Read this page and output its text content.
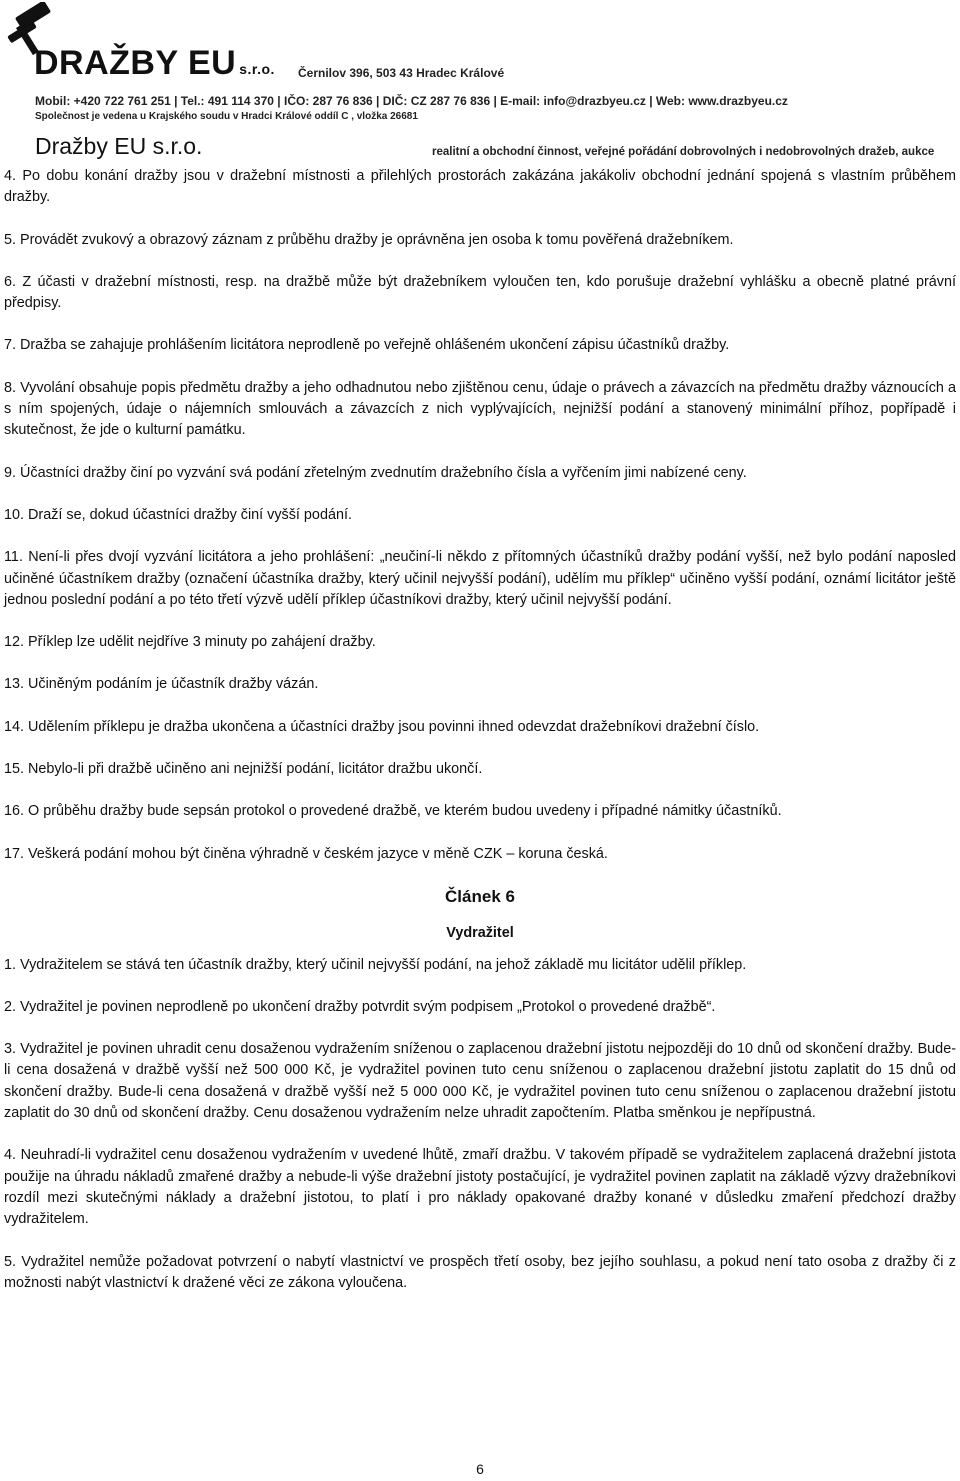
DRAŽBY EU s.r.o. Černilov 396, 503 43 Hradec Králové
Mobil: +420 722 761 251 | Tel.: 491 114 370 | IČO: 287 76 836 | DIČ: CZ 287 76 836 | E-mail: info@drazbyeu.cz | Web: www.drazbyeu.cz
Společnost je vedena u Krajského soudu v Hradci Králové oddíl C , vložka 26681
Dražby EU s.r.o.	realitní a obchodní činnost, veřejné pořádání dobrovolných i nedobrovolných dražeb, aukce

4. Po dobu konání dražby jsou v dražební místnosti a přilehlých prostorách zakázána jakákoliv obchodní jednání spojená s vlastním průběhem dražby.

5. Provádět zvukový a obrazový záznam z průběhu dražby je oprávněna jen osoba k tomu pověřená dražebníkem.

6. Z účasti v dražební místnosti, resp. na dražbě může být dražebníkem vyloučen ten, kdo porušuje dražební vyhlášku a obecně platné právní předpisy.

7. Dražba se zahajuje prohlášením licitátora neprodleně po veřejně ohlášeném ukončení zápisu účastníků dražby.

8. Vyvolání obsahuje popis předmětu dražby a jeho odhadnutou nebo zjištěnou cenu, údaje o právech a závazcích na předmětu dražby váznoucích a s ním spojených, údaje o nájemních smlouvách a závazcích z nich vyplývajících, nejnižší podání a stanovený minimální příhoz, popřípadě i skutečnost, že jde o kulturní památku.

9. Účastníci dražby činí po vyzvání svá podání zřetelným zvednutím dražebního čísla a vyřčením jimi nabízené ceny.

10. Draží se, dokud účastníci dražby činí vyšší podání.

11. Není-li přes dvojí vyzvání licitátora a jeho prohlášení: „neučiní-li někdo z přítomných účastníků dražby podání vyšší, než bylo podání naposled učiněné účastníkem dražby (označení účastníka dražby, který učinil nejvyšší podání), udělím mu příklep“ učiněno vyšší podání, oznámí licitátor ještě jednou poslední podání a po této třetí výzvě udělí příklep účastníkovi dražby, který učinil nejvyšší podání.

12. Příklep lze udělit nejdříve 3 minuty po zahájení dražby.

13. Učiněným podáním je účastník dražby vázán.

14. Udělením příklepu je dražba ukončena a účastníci dražby jsou povinni ihned odevzdat dražebníkovi dražební číslo.

15. Nebylo-li při dražbě učiněno ani nejnižší podání, licitátor dražbu ukončí.

16. O průběhu dražby bude sepsán protokol o provedené dražbě, ve kterém budou uvedeny i případné námitky účastníků.

17. Veškerá podání mohou být činěna výhradně v českém jazyce v měně CZK – koruna česká.

Článek 6
Vydražitel

1. Vydražitelem se stává ten účastník dražby, který učinil nejvyšší podání, na jehož základě mu licitátor udělil příklep.

2. Vydražitel je povinen neprodleně po ukončení dražby potvrdit svým podpisem „Protokol o provedené dražbě“.

3. Vydražitel je povinen uhradit cenu dosaženou vydražením sníženou o zaplacenou dražební jistotu nejpozději do 10 dnů od skončení dražby. Bude-li cena dosažená v dražbě vyšší než 500 000 Kč, je vydražitel povinen tuto cenu sníženou o zaplacenou dražební jistotu zaplatit do 15 dnů od skončení dražby. Bude-li cena dosažená v dražbě vyšší než 5 000 000 Kč, je vydražitel povinen tuto cenu sníženou o zaplacenou dražební jistotu zaplatit do 30 dnů od skončení dražby. Cenu dosaženou vydražením nelze uhradit započtením. Platba směnkou je nepřípustná.

4. Neuhradí-li vydražitel cenu dosaženou vydražením v uvedené lhůtě, zmaří dražbu. V takovém případě se vydražitelem zaplacená dražební jistota použije na úhradu nákladů zmařené dražby a nebude-li výše dražební jistoty postačující, je vydražitel povinen zaplatit na základě výzvy dražebníkovi rozdíl mezi skutečnými náklady a dražební jistotou, to platí i pro náklady opakované dražby konané v důsledku zmaření předchozí dražby vydražitelem.

5. Vydražitel nemůže požadovat potvrzení o nabytí vlastnictví ve prospěch třetí osoby, bez jejího souhlasu, a pokud není tato osoba z dražby či z možnosti nabýt vlastnictví k dražené věci ze zákona vyloučena.

6
